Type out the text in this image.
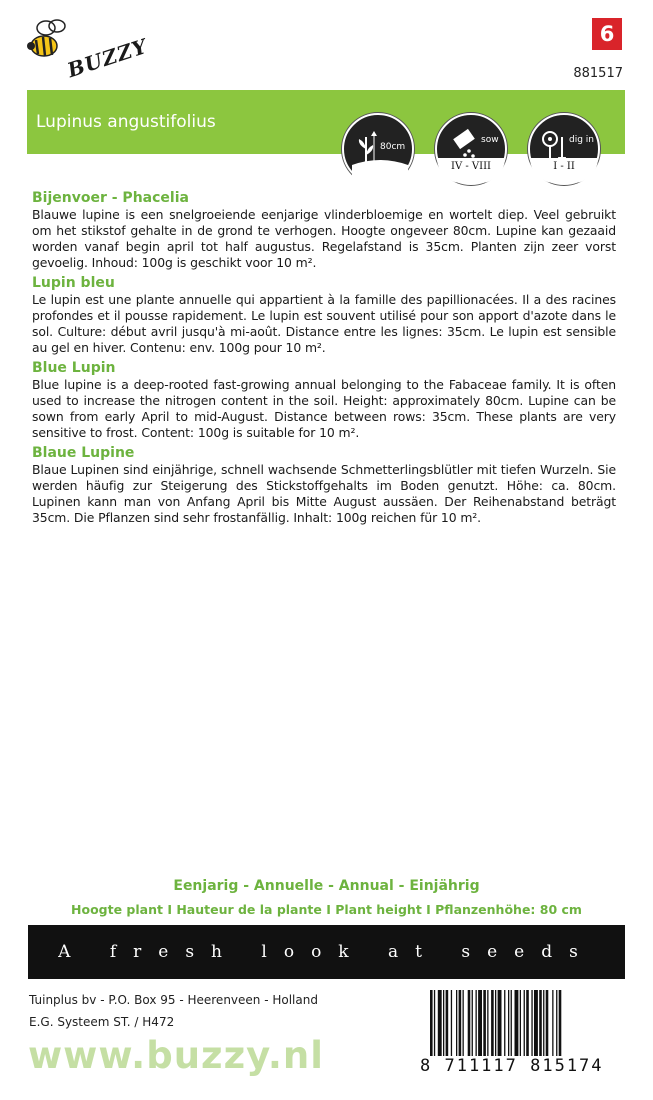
BUZZY	6
881517
Lupinus angustifolius
80cm
sow
IV - VIII
dig in
I - II
Bijenvoer - Phacelia
Blauwe lupine is een snelgroeiende eenjarige vlinderbloemige en wortelt diep. Veel gebruikt om het stikstof gehalte in de grond te verhogen. Hoogte ongeveer 80cm. Lupine kan gezaaid worden vanaf begin april tot half augustus. Regelafstand is 35cm. Planten zijn zeer vorst gevoelig. Inhoud: 100g is geschikt voor 10 m².
Lupin bleu
Le lupin est une plante annuelle qui appartient à la famille des papillionacées. Il a des racines profondes et il pousse rapidement. Le lupin est souvent utilisé pour son apport d'azote dans le sol. Culture: début avril jusqu'à mi-août. Distance entre les lignes: 35cm. Le lupin est sensible au gel en hiver. Contenu: env. 100g pour 10 m².
Blue Lupin
Blue lupine is a deep-rooted fast-growing annual belonging to the Fabaceae family. It is often used to increase the nitrogen content in the soil. Height: approximately 80cm. Lupine can be sown from early April to mid-August. Distance between rows: 35cm. These plants are very sensitive to frost. Content: 100g is suitable for 10 m².
Blaue Lupine
Blaue Lupinen sind einjährige, schnell wachsende Schmetterlingsblütler mit tiefen Wurzeln. Sie werden häufig zur Steigerung des Stickstoffgehalts im Boden genutzt. Höhe: ca. 80cm. Lupinen kann man von Anfang April bis Mitte August aussäen. Der Reihenabstand beträgt 35cm. Die Pflanzen sind sehr frostanfällig. Inhalt: 100g reichen für 10 m².
Eenjarig - Annuelle - Annual - Einjährig
Hoogte plant I Hauteur de la plante I Plant height I Pflanzenhöhe: 80 cm
A fresh look at seeds
Tuinplus bv - P.O. Box 95 - Heerenveen - Holland
E.G. Systeem ST. / H472
www.buzzy.nl	8 711117 815174
